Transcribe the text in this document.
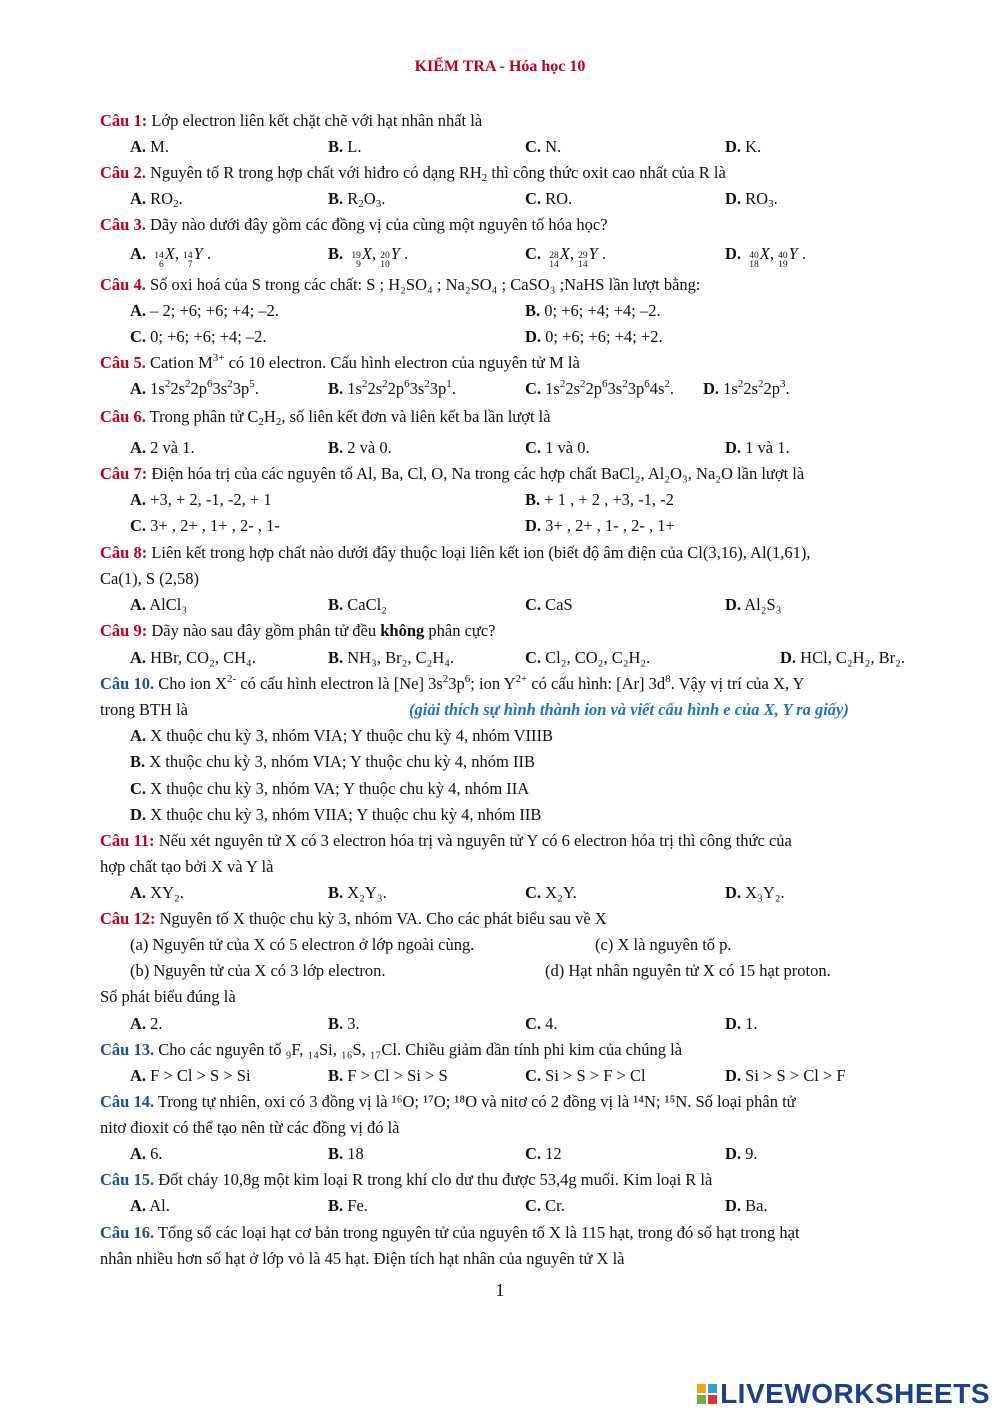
KIỂM TRA - Hóa học 10
Câu 1: Lớp electron liên kết chặt chẽ với hạt nhân nhất là
A. M.	B. L.	C. N.	D. K.
Câu 2. Nguyên tố R trong hợp chất với hiđro có dạng $RH_2$ thì công thức oxit cao nhất của R là
A. $RO_2$.	B. $R_2O_3$.	C. RO.	D. $RO_3$.
Câu 3. Dãy nào dưới đây gồm các đồng vị của cùng một nguyên tố hóa học?
A. 14
6
X, 14
7
Y .	B. 19
9
X, 20
10
Y .	C. 28
14
X, 29
14
Y .	D. 40
18
X, 40
19
Y .
Câu 4. Số oxi hoá của S trong các chất: S ; H₂SO₄ ; Na₂SO₄ ; CaSO₃ ;NaHS lần lượt bằng:
A. – 2; +6; +6; +4; –2.	B. 0; +6; +4; +4; –2.
C. 0; +6; +6; +4; –2.	D. 0; +6; +6; +4; +2.
Câu 5. Cation $M^{3+}$ có 10 electron. Cấu hình electron của nguyên tử M là
A. $1s^22s^22p^63s^23p^5$.	B. $1s^22s^22p^63s^23p^1$.	C. $1s^22s^22p^63s^23p^64s^2$. D. $1s^22s^22p^3$.
Câu 6. Trong phân tử $C_2H_2$, số liên kết đơn và liên kết ba lần lượt là
A. 2 và 1.	B. 2 và 0.	C. 1 và 0.	D. 1 và 1.
Câu 7: Điện hóa trị của các nguyên tố Al, Ba, Cl, O, Na trong các hợp chất BaCl₂, Al₂O₃, Na₂O lần lượt là
A. +3, + 2, -1, -2, + 1	B. + 1 , + 2 , +3, -1, -2
C. 3+ , 2+ , 1+ , 2- , 1-	D. 3+ , 2+ , 1- , 2- , 1+
Câu 8: Liên kết trong hợp chất nào dưới đây thuộc loại liên kết ion (biết độ âm điện của Cl(3,16), Al(1,61),
Ca(1), S (2,58)
A. AlCl₃	B. CaCl₂	C. CaS	D. Al₂S₃
Câu 9: Dãy nào sau đây gồm phân tử đều không phân cực?
A. HBr, CO₂, CH₄.	B. NH₃, Br₂, C₂H₄.	C. Cl₂, CO₂, C₂H₂.	D. HCl, C₂H₂, Br₂.
Câu 10. Cho ion $X^{2-}$ có cấu hình electron là [Ne] $3s^23p^6$; ion $Y^{2+}$ có cấu hình: [Ar] $3d^8$. Vậy vị trí của X, Y
trong BTH là	(giải thích sự hình thành ion và viết cấu hình e của X, Y ra giấy)
A. X thuộc chu kỳ 3, nhóm VIA; Y thuộc chu kỳ 4, nhóm VIIIB
B. X thuộc chu kỳ 3, nhóm VIA; Y thuộc chu kỳ 4, nhóm IIB
C. X thuộc chu kỳ 3, nhóm VA; Y thuộc chu kỳ 4, nhóm IIA
D. X thuộc chu kỳ 3, nhóm VIIA; Y thuộc chu kỳ 4, nhóm IIB
Câu 11: Nếu xét nguyên tử X có 3 electron hóa trị và nguyên tử Y có 6 electron hóa trị thì công thức của
hợp chất tạo bởi X và Y là
A. XY₂.	B. X₂Y₃.	C. X₂Y.	D. X₃Y₂.
Câu 12: Nguyên tố X thuộc chu kỳ 3, nhóm VA. Cho các phát biểu sau về X
(a) Nguyên tử của X có 5 electron ở lớp ngoài cùng.	(c) X là nguyên tố p.
(b) Nguyên tử của X có 3 lớp electron.	(d) Hạt nhân nguyên tử X có 15 hạt proton.
Số phát biểu đúng là
A. 2.	B. 3.	C. 4.	D. 1.
Câu 13. Cho các nguyên tố ₉F, ₁₄Si, ₁₆S, ₁₇Cl. Chiều giảm dần tính phi kim của chúng là
A. F > Cl > S > Si	B. F > Cl > Si > S	C. Si > S > F > Cl	D. Si > S > Cl > F
Câu 14. Trong tự nhiên, oxi có 3 đồng vị là ¹⁶O; ¹⁷O; ¹⁸O và nitơ có 2 đồng vị là ¹⁴N; ¹⁵N. Số loại phân tử
nitơ đioxit có thể tạo nên từ các đồng vị đó là
A. 6.	B. 18	C. 12	D. 9.
Câu 15. Đốt cháy 10,8g một kim loại R trong khí clo dư thu được 53,4g muối. Kim loại R là
A. Al.	B. Fe.	C. Cr.	D. Ba.
Câu 16. Tổng số các loại hạt cơ bản trong nguyên tử của nguyên tố X là 115 hạt, trong đó số hạt trong hạt
nhân nhiều hơn số hạt ở lớp vỏ là 45 hạt. Điện tích hạt nhân của nguyên tử X là
1
LIVEWORKSHEETS
